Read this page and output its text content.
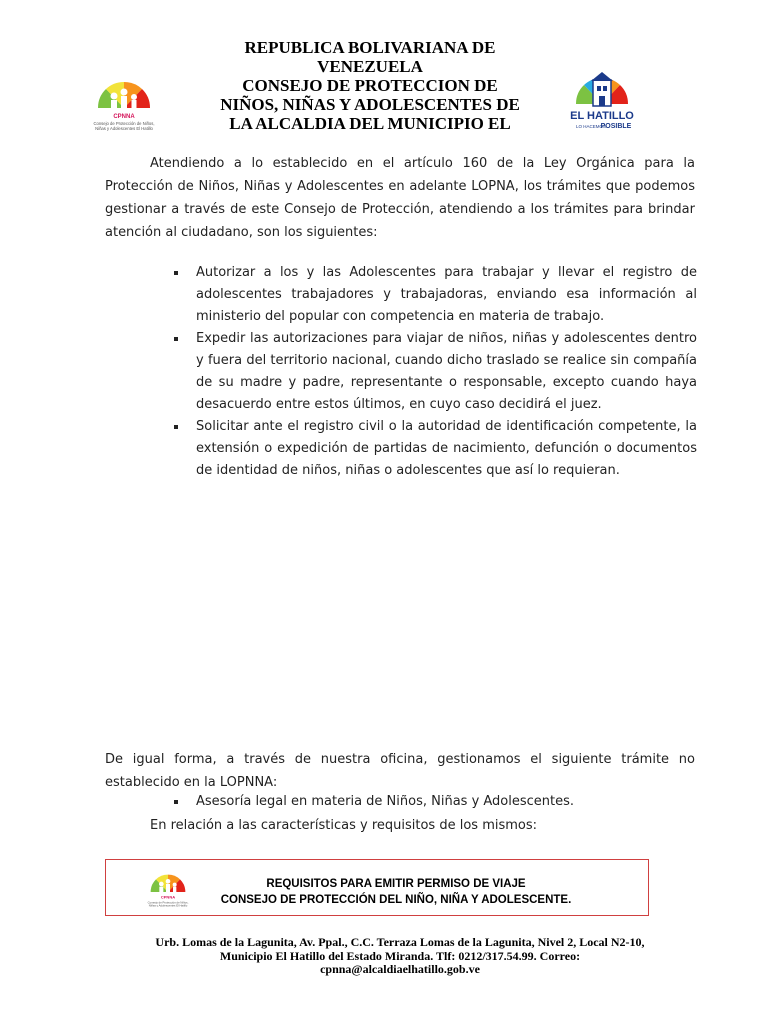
REPUBLICA BOLIVARIANA DE
VENEZUELA
CONSEJO DE PROTECCION DE
NIÑOS, NIÑAS Y ADOLESCENTES DE
LA ALCALDIA DEL MUNICIPIO EL
CPNNA
Consejo de Protección de Niños,
Niñas y Adolescentes El Hatillo
EL HATILLO
LO HACEMOS
POSIBLE
Atendiendo a lo establecido en el artículo 160 de la Ley Orgánica para la Protección de Niños, Niñas y Adolescentes en adelante LOPNA, los trámites que podemos gestionar a través de este Consejo de Protección, atendiendo a los trámites para brindar atención al ciudadano, son los siguientes:
Autorizar a los y las Adolescentes para trabajar y llevar el registro de adolescentes trabajadores y trabajadoras, enviando esa información al ministerio del popular con competencia en materia de trabajo.
Expedir las autorizaciones para viajar de niños, niñas y adolescentes dentro y fuera del territorio nacional, cuando dicho traslado se realice sin compañía de su madre y padre, representante o responsable, excepto cuando haya desacuerdo entre estos últimos, en cuyo caso decidirá el juez.
Solicitar ante el registro civil o la autoridad de identificación competente, la extensión o expedición de partidas de nacimiento, defunción o documentos de identidad de niños, niñas o adolescentes que así lo requieran.
De igual forma, a través de nuestra oficina, gestionamos el siguiente trámite no establecido en la LOPNNA:
Asesoría legal en materia de Niños, Niñas y Adolescentes.
En relación a las características y requisitos de los mismos:
CPNNA
Consejo de Protección de Niños,
Niñas y Adolescentes El Hatillo
REQUISITOS PARA EMITIR PERMISO DE VIAJE
CONSEJO DE PROTECCIÓN DEL NIÑO, NIÑA Y ADOLESCENTE.
Urb. Lomas de la Lagunita, Av. Ppal., C.C. Terraza Lomas de la Lagunita, Nivel 2, Local N2-10,
Municipio El Hatillo del Estado Miranda. Tlf: 0212/317.54.99. Correo:
cpnna@alcaldiaelhatillo.gob.ve
